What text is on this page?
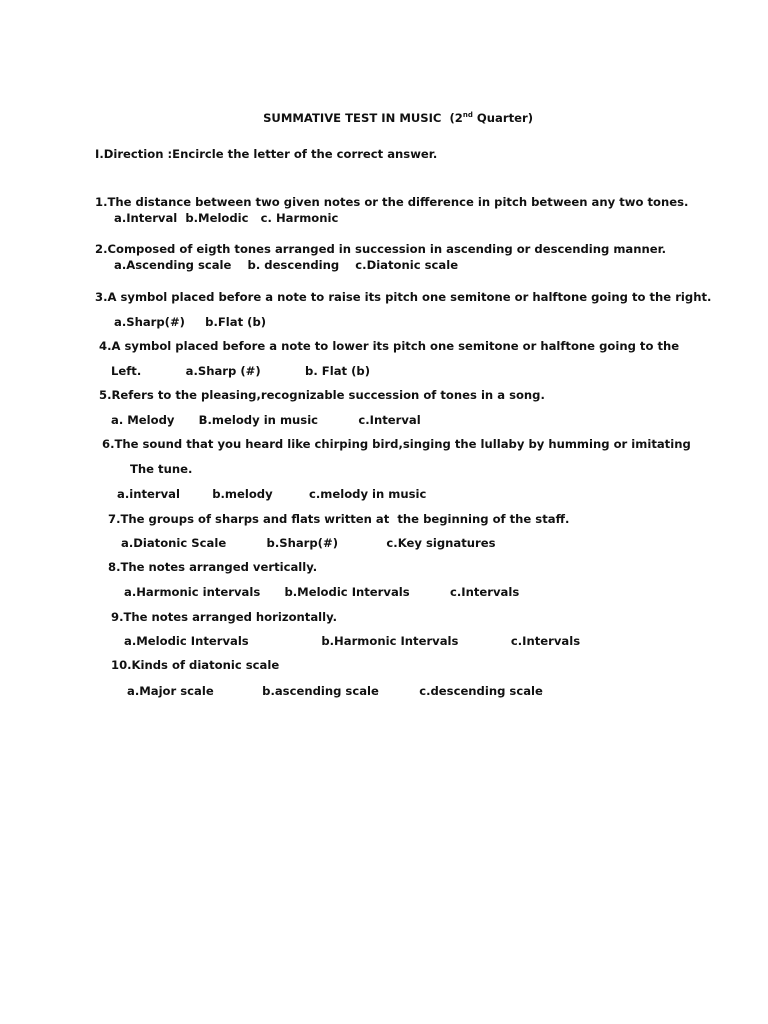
SUMMATIVE TEST IN MUSIC  (2nd Quarter)

I.Direction :Encircle the letter of the correct answer.
1.The distance between two given notes or the difference in pitch between any two tones.
a.Interval  b.Melodic   c. Harmonic
2.Composed of eigth tones arranged in succession in ascending or descending manner.
a.Ascending scale    b. descending    c.Diatonic scale
3.A symbol placed before a note to raise its pitch one semitone or halftone going to the right.
a.Sharp(#)     b.Flat (b)
4.A symbol placed before a note to lower its pitch one semitone or halftone going to the
Left.           a.Sharp (#)           b. Flat (b)
5.Refers to the pleasing,recognizable succession of tones in a song.
a. Melody      B.melody in music          c.Interval
6.The sound that you heard like chirping bird,singing the lullaby by humming or imitating
The tune.
a.interval        b.melody         c.melody in music
7.The groups of sharps and flats written at  the beginning of the staff.
a.Diatonic Scale          b.Sharp(#)            c.Key signatures
8.The notes arranged vertically.
a.Harmonic intervals      b.Melodic Intervals          c.Intervals
9.The notes arranged horizontally.
a.Melodic Intervals                  b.Harmonic Intervals             c.Intervals
10.Kinds of diatonic scale
a.Major scale            b.ascending scale          c.descending scale
